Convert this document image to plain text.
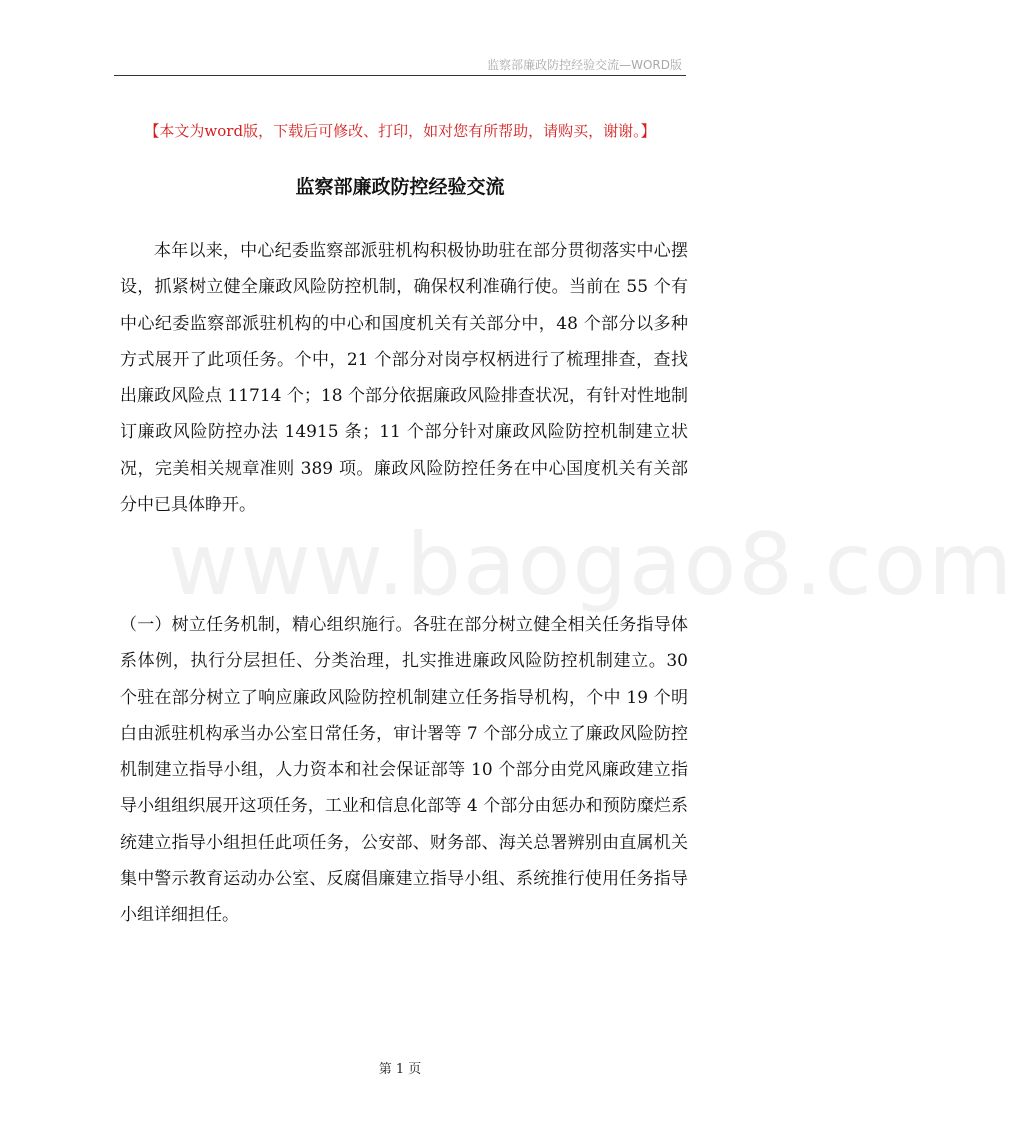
监察部廉政防控经验交流—WORD版
【本文为word版，下载后可修改、打印，如对您有所帮助，请购买，谢谢。】
监察部廉政防控经验交流

本年以来，中心纪委监察部派驻机构积极协助驻在部分贯彻落实中心摆设，抓紧树立健全廉政风险防控机制，确保权利准确行使。当前在 55 个有中心纪委监察部派驻机构的中心和国度机关有关部分中，48 个部分以多种方式展开了此项任务。个中，21 个部分对岗亭权柄进行了梳理排查，查找出廉政风险点 11714 个；18 个部分依据廉政风险排查状况，有针对性地制订廉政风险防控办法 14915 条；11 个部分针对廉政风险防控机制建立状况，完美相关规章准则 389 项。廉政风险防控任务在中心国度机关有关部分中已具体睁开。

www.baogao8.com

（一）树立任务机制，精心组织施行。各驻在部分树立健全相关任务指导体系体例，执行分层担任、分类治理，扎实推进廉政风险防控机制建立。30 个驻在部分树立了响应廉政风险防控机制建立任务指导机构，个中 19 个明白由派驻机构承当办公室日常任务，审计署等 7 个部分成立了廉政风险防控机制建立指导小组，人力资本和社会保证部等 10 个部分由党风廉政建立指导小组组织展开这项任务，工业和信息化部等 4 个部分由惩办和预防糜烂系统建立指导小组担任此项任务，公安部、财务部、海关总署辨别由直属机关集中警示教育运动办公室、反腐倡廉建立指导小组、系统推行使用任务指导小组详细担任。

第 1 页
